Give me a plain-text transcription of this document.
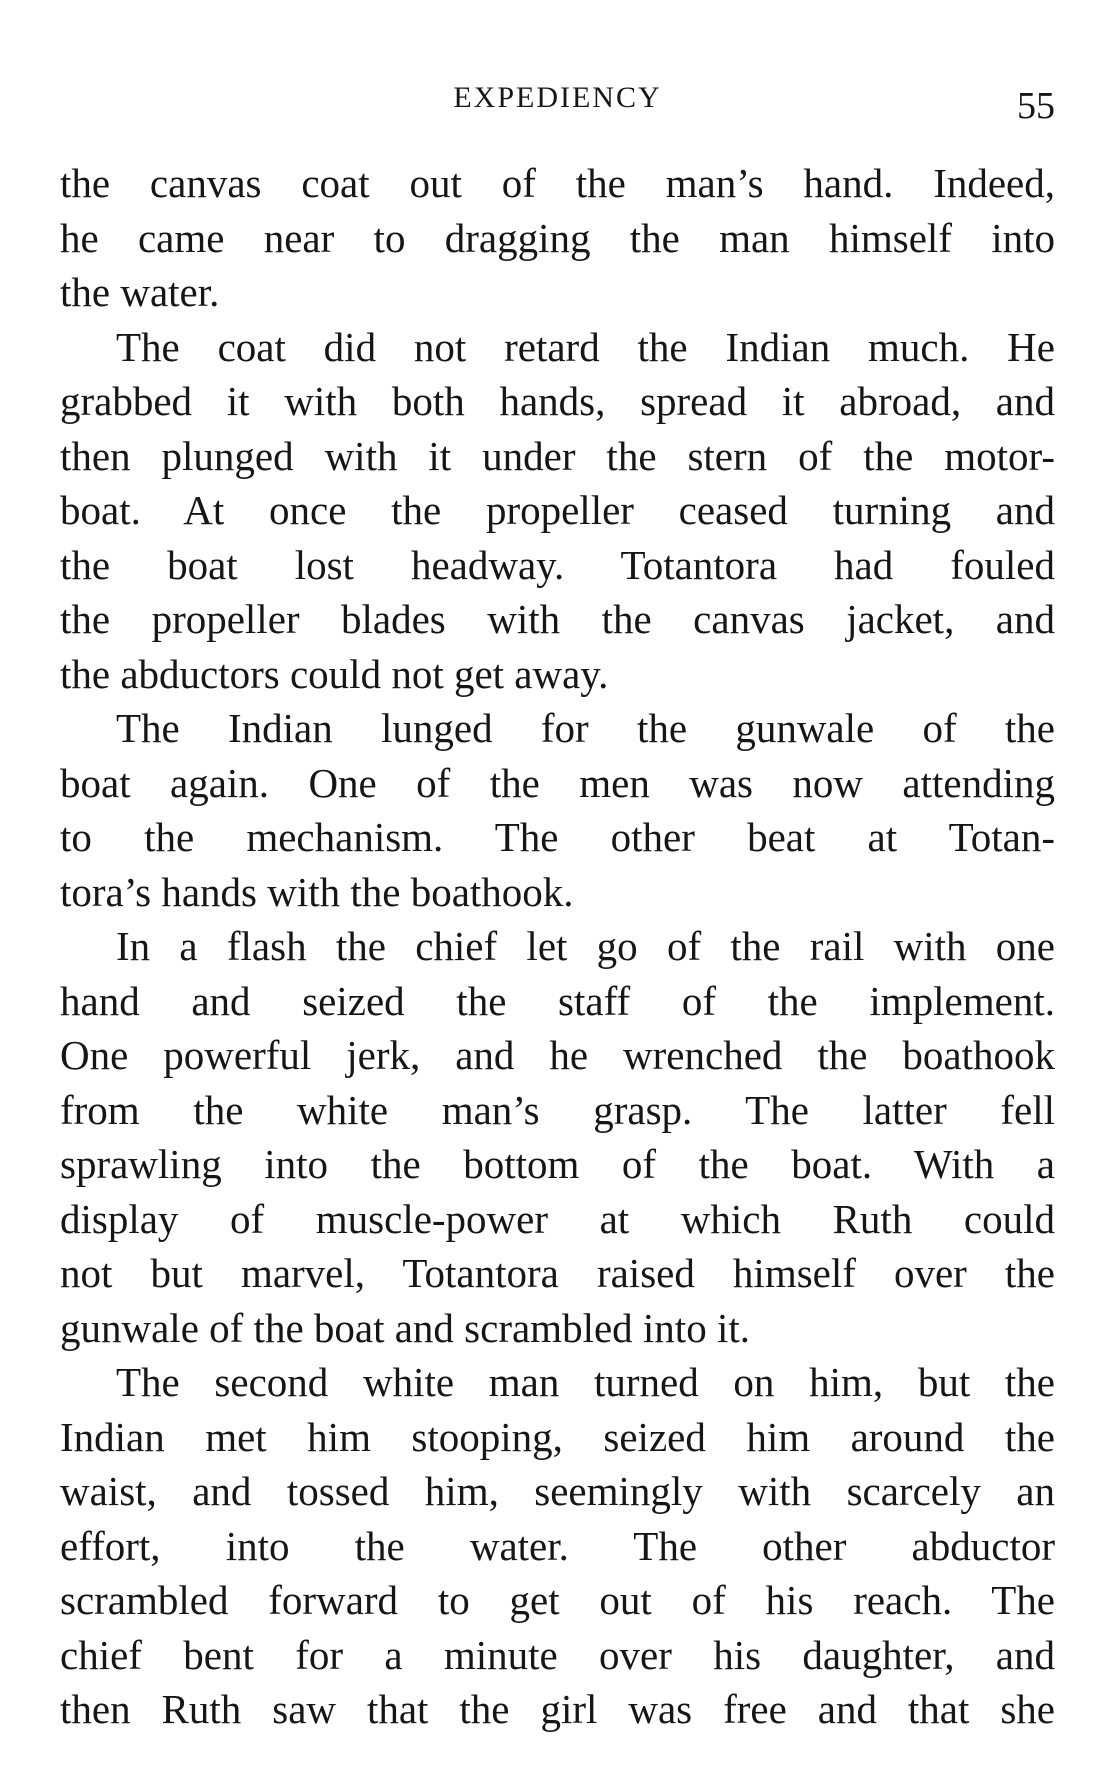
EXPEDIENCY	55
the canvas coat out of the man’s hand. Indeed,
he came near to dragging the man himself into
the water.
The coat did not retard the Indian much. He
grabbed it with both hands, spread it abroad, and
then plunged with it under the stern of the motor-
boat. At once the propeller ceased turning and
the boat lost headway. Totantora had fouled
the propeller blades with the canvas jacket, and
the abductors could not get away.
The Indian lunged for the gunwale of the
boat again. One of the men was now attending
to the mechanism. The other beat at Totan-
tora’s hands with the boathook.
In a flash the chief let go of the rail with one
hand and seized the staff of the implement.
One powerful jerk, and he wrenched the boathook
from the white man’s grasp. The latter fell
sprawling into the bottom of the boat. With a
display of muscle-power at which Ruth could
not but marvel, Totantora raised himself over the
gunwale of the boat and scrambled into it.
The second white man turned on him, but the
Indian met him stooping, seized him around the
waist, and tossed him, seemingly with scarcely an
effort, into the water. The other abductor
scrambled forward to get out of his reach. The
chief bent for a minute over his daughter, and
then Ruth saw that the girl was free and that she
